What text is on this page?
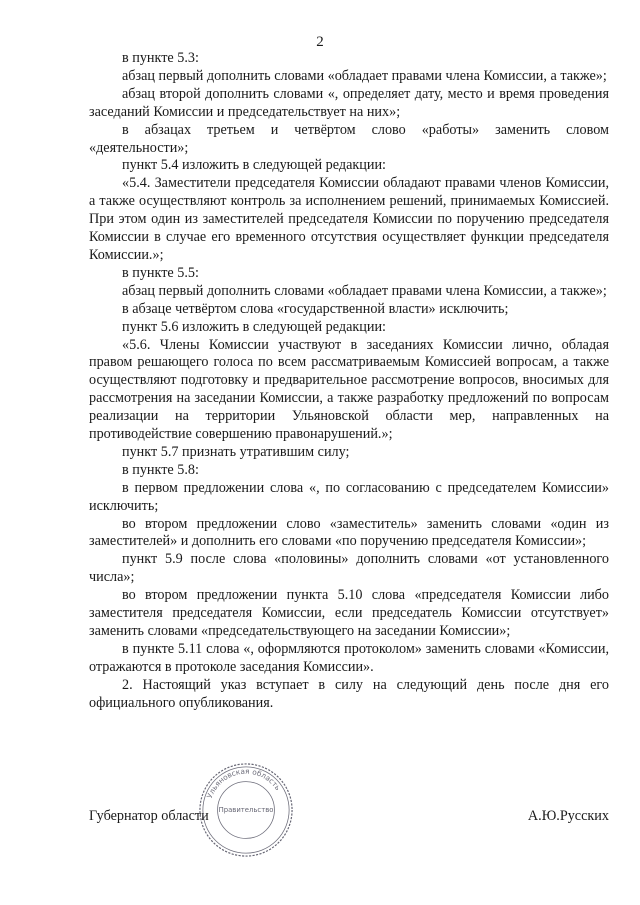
2

в пункте 5.3:

абзац первый дополнить словами «обладает правами члена Комиссии, а также»;

абзац второй дополнить словами «, определяет дату, место и время проведения заседаний Комиссии и председательствует на них»;

в абзацах третьем и четвёртом слово «работы» заменить словом «деятельности»;

пункт 5.4 изложить в следующей редакции:

«5.4. Заместители председателя Комиссии обладают правами членов Комиссии, а также осуществляют контроль за исполнением решений, принимаемых Комиссией. При этом один из заместителей председателя Комиссии по поручению председателя Комиссии в случае его временного отсутствия осуществляет функции председателя Комиссии.»;

в пункте 5.5:

абзац первый дополнить словами «обладает правами члена Комиссии, а также»;

в абзаце четвёртом слова «государственной власти» исключить;

пункт 5.6 изложить в следующей редакции:

«5.6. Члены Комиссии участвуют в заседаниях Комиссии лично, обладая правом решающего голоса по всем рассматриваемым Комиссией вопросам, а также осуществляют подготовку и предварительное рассмотрение вопросов, вносимых для рассмотрения на заседании Комиссии, а также разработку предложений по вопросам реализации на территории Ульяновской области мер, направленных на противодействие совершению правонарушений.»;

пункт 5.7 признать утратившим силу;

в пункте 5.8:

в первом предложении слова «, по согласованию с председателем Комиссии» исключить;

во втором предложении слово «заместитель» заменить словами «один из заместителей» и дополнить его словами «по поручению председателя Комиссии»;

пункт 5.9 после слова «половины» дополнить словами «от установленного числа»;

во втором предложении пункта 5.10 слова «председателя Комиссии либо заместителя председателя Комиссии, если председатель Комиссии отсутствует» заменить словами «председательствующего на заседании Комиссии»;

в пункте 5.11 слова «, оформляются протоколом» заменить словами «Комиссии, отражаются в протоколе заседания Комиссии».

2. Настоящий указ вступает в силу на следующий день после дня его официального опубликования.

Губернатор области	А.Ю.Русских
Ульяновская область
Правительство
